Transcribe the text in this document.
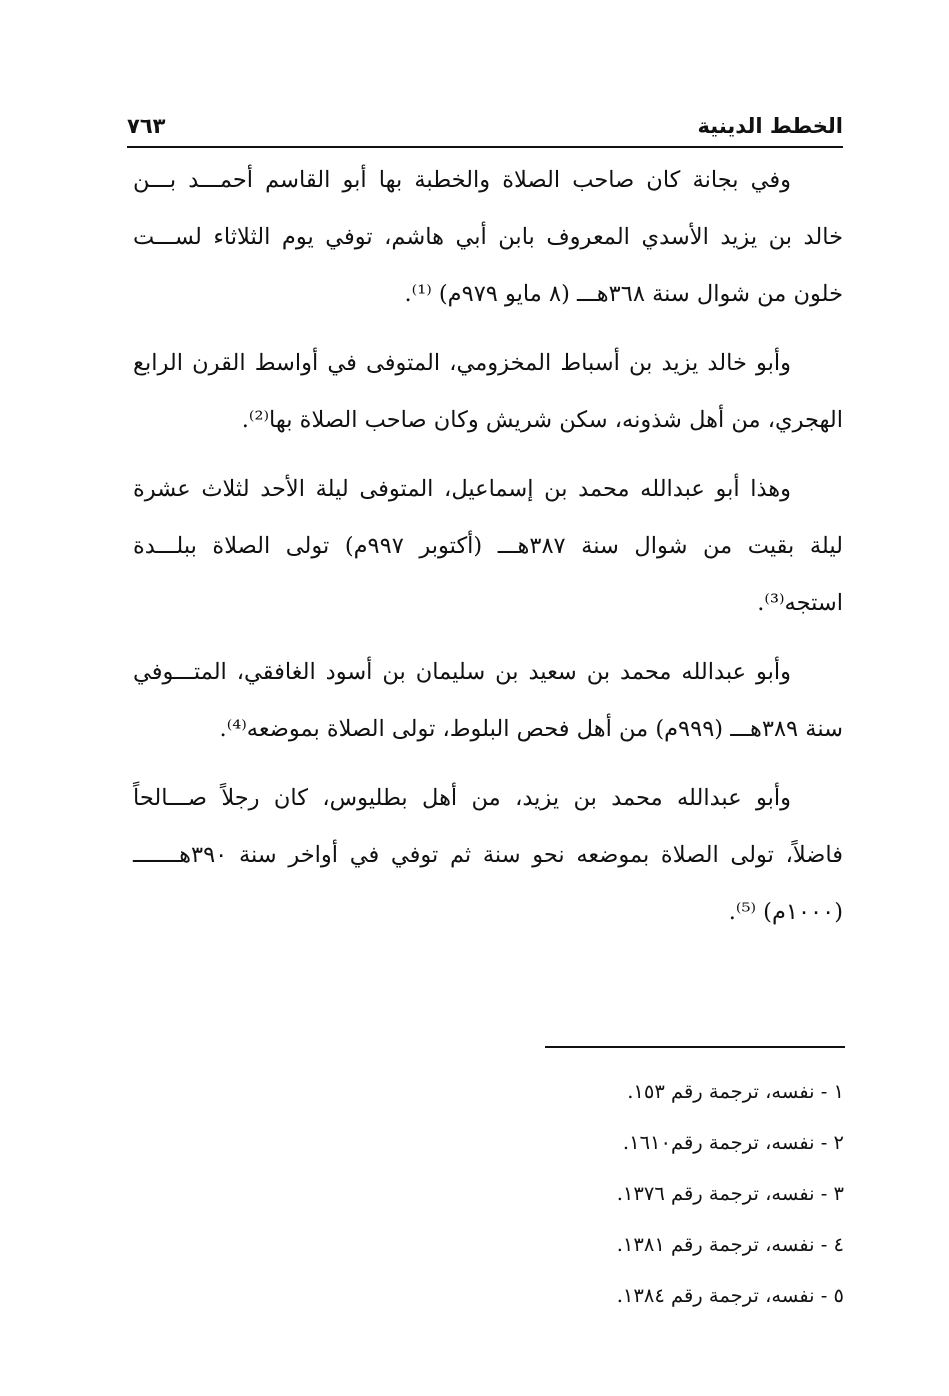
الخطط الدينية
٧٦٣
وفي بجانة كان صاحب الصلاة والخطبة بها أبو القاسم أحمـــد بـــن
خالد بن يزيد الأسدي المعروف بابن أبي هاشم، توفي يوم الثلاثاء لســـت
خلون من شوال سنة ٣٦٨هـــ (٨ مايو ٩٧٩م) ⁽¹⁾.
وأبو خالد يزيد بن أسباط المخزومي، المتوفى في أواسط القرن الرابع
الهجري، من أهل شذونه، سكن شريش وكان صاحب الصلاة بها⁽²⁾.
وهذا أبو عبدالله محمد بن إسماعيل، المتوفى ليلة الأحد لثلاث عشرة
ليلة بقيت من شوال سنة ٣٨٧هـــ (أكتوبر ٩٩٧م) تولى الصلاة ببلـــدة
استجه⁽³⁾.
وأبو عبدالله محمد بن سعيد بن سليمان بن أسود الغافقي، المتـــوفي
سنة ٣٨٩هـــ (٩٩٩م) من أهل فحص البلوط، تولى الصلاة بموضعه⁽⁴⁾.
وأبو عبدالله محمد بن يزيد، من أهل بطليوس، كان رجلاً صـــالحاً
فاضلاً، تولى الصلاة بموضعه نحو سنة ثم توفي في أواخر سنة ٣٩٠هـــــــ
(١٠٠٠م) ⁽⁵⁾.
١ - نفسه، ترجمة رقم ١٥٣.
٢ - نفسه، ترجمة رقم١٦١٠.
٣ - نفسه، ترجمة رقم ١٣٧٦.
٤ - نفسه، ترجمة رقم ١٣٨١.
٥ - نفسه، ترجمة رقم ١٣٨٤.
